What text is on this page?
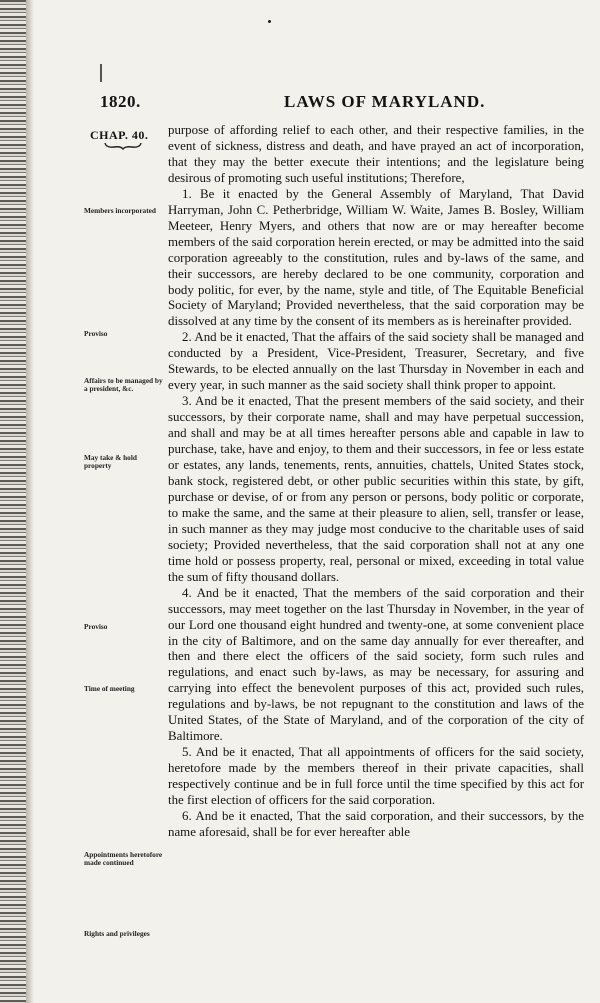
1820.	LAWS OF MARYLAND.
CHAP. 40.
Members incorporated
Proviso
Affairs to be managed by a president, &c.
May take & hold property
Proviso
Time of meeting
Appointments heretofore made continued
Rights and privileges

purpose of affording relief to each other, and their respective families, in the event of sickness, distress and death, and have prayed an act of incorporation, that they may the better execute their intentions; and the legislature being desirous of promoting such useful institutions; Therefore,

1. Be it enacted by the General Assembly of Maryland, That David Harryman, John C. Petherbridge, William W. Waite, James B. Bosley, William Meeteer, Henry Myers, and others that now are or may hereafter become members of the said corporation herein erected, or may be admitted into the said corporation agreeably to the constitution, rules and by-laws of the same, and their successors, are hereby declared to be one community, corporation and body politic, for ever, by the name, style and title, of The Equitable Beneficial Society of Maryland; Provided nevertheless, that the said corporation may be dissolved at any time by the consent of its members as is hereinafter provided.

2. And be it enacted, That the affairs of the said society shall be managed and conducted by a President, Vice-President, Treasurer, Secretary, and five Stewards, to be elected annually on the last Thursday in November in each and every year, in such manner as the said society shall think proper to appoint.

3. And be it enacted, That the present members of the said society, and their successors, by their corporate name, shall and may have perpetual succession, and shall and may be at all times hereafter persons able and capable in law to purchase, take, have and enjoy, to them and their successors, in fee or less estate or estates, any lands, tenements, rents, annuities, chattels, United States stock, bank stock, registered debt, or other public securities within this state, by gift, purchase or devise, of or from any person or persons, body politic or corporate, to make the same, and the same at their pleasure to alien, sell, transfer or lease, in such manner as they may judge most conducive to the charitable uses of said society; Provided nevertheless, that the said corporation shall not at any one time hold or possess property, real, personal or mixed, exceeding in total value the sum of fifty thousand dollars.

4. And be it enacted, That the members of the said corporation and their successors, may meet together on the last Thursday in November, in the year of our Lord one thousand eight hundred and twenty-one, at some convenient place in the city of Baltimore, and on the same day annually for ever thereafter, and then and there elect the officers of the said society, form such rules and regulations, and enact such by-laws, as may be necessary, for assuring and carrying into effect the benevolent purposes of this act, provided such rules, regulations and by-laws, be not repugnant to the constitution and laws of the United States, of the State of Maryland, and of the corporation of the city of Baltimore.

5. And be it enacted, That all appointments of officers for the said society, heretofore made by the members thereof in their private capacities, shall respectively continue and be in full force until the time specified by this act for the first election of officers for the said corporation.

6. And be it enacted, That the said corporation, and their successors, by the name aforesaid, shall be for ever hereafter able
